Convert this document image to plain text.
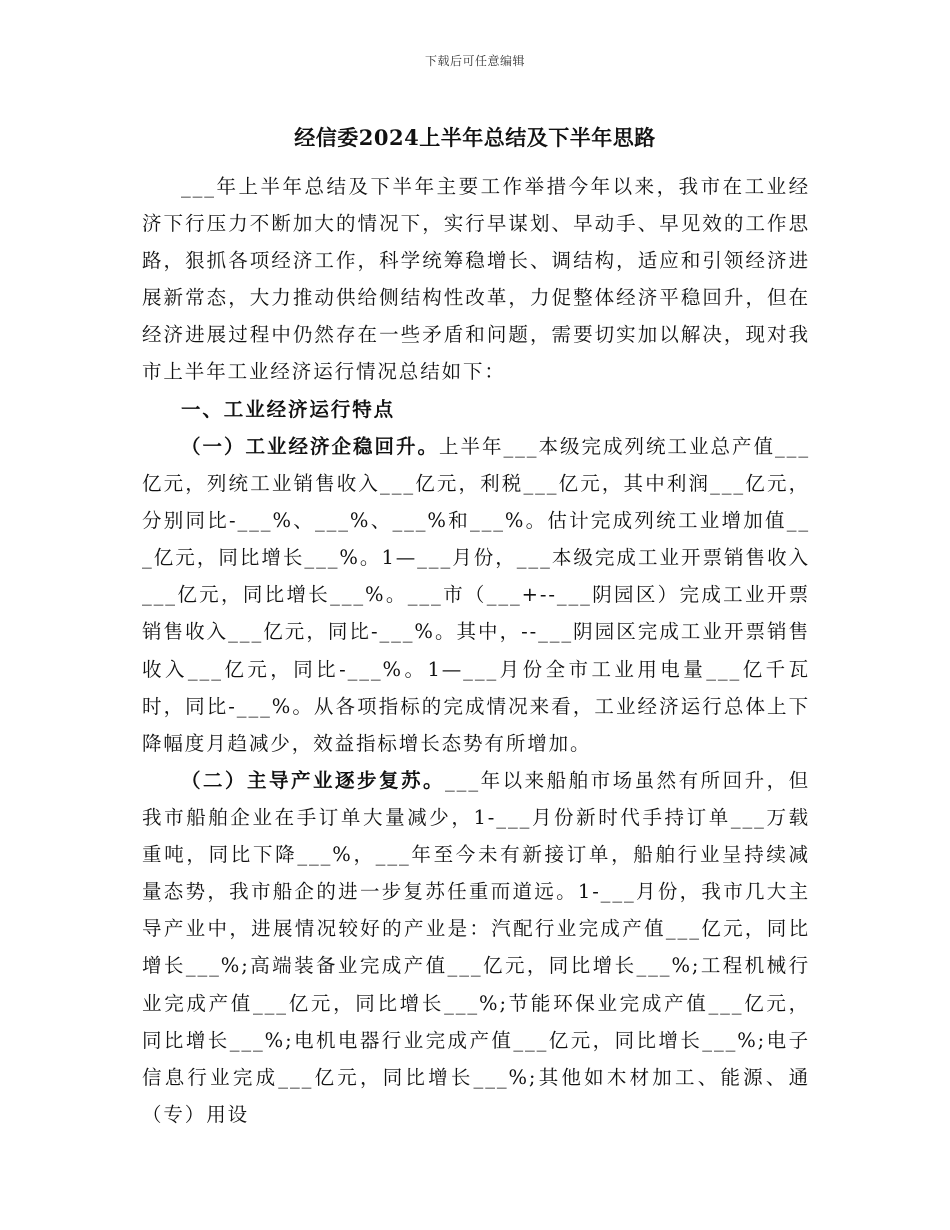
下载后可任意编辑
经信委2024上半年总结及下半年思路

___年上半年总结及下半年主要工作举措今年以来，我市在工业经济下行压力不断加大的情况下，实行早谋划、早动手、早见效的工作思路，狠抓各项经济工作，科学统筹稳增长、调结构，适应和引领经济进展新常态，大力推动供给侧结构性改革，力促整体经济平稳回升，但在经济进展过程中仍然存在一些矛盾和问题，需要切实加以解决，现对我市上半年工业经济运行情况总结如下：

一、工业经济运行特点

（一）工业经济企稳回升。上半年___本级完成列统工业总产值___亿元，列统工业销售收入___亿元，利税___亿元，其中利润___亿元，分别同比-___%、___%、___%和___%。估计完成列统工业增加值___亿元，同比增长___%。1—___月份，___本级完成工业开票销售收入___亿元，同比增长___%。___市（___+--___阴园区）完成工业开票销售收入___亿元，同比-___%。其中，--___阴园区完成工业开票销售收入___亿元，同比-___%。1—___月份全市工业用电量___亿千瓦时，同比-___%。从各项指标的完成情况来看，工业经济运行总体上下降幅度月趋减少，效益指标增长态势有所增加。

（二）主导产业逐步复苏。___年以来船舶市场虽然有所回升，但我市船舶企业在手订单大量减少，1-___月份新时代手持订单___万载重吨，同比下降___%，___年至今未有新接订单，船舶行业呈持续减量态势，我市船企的进一步复苏任重而道远。1-___月份，我市几大主导产业中，进展情况较好的产业是：汽配行业完成产值___亿元，同比增长___%;高端装备业完成产值___亿元，同比增长___%;工程机械行业完成产值___亿元，同比增长___%;节能环保业完成产值___亿元，同比增长___%;电机电器行业完成产值___亿元，同比增长___%;电子信息行业完成___亿元，同比增长___%;其他如木材加工、能源、通（专）用设
